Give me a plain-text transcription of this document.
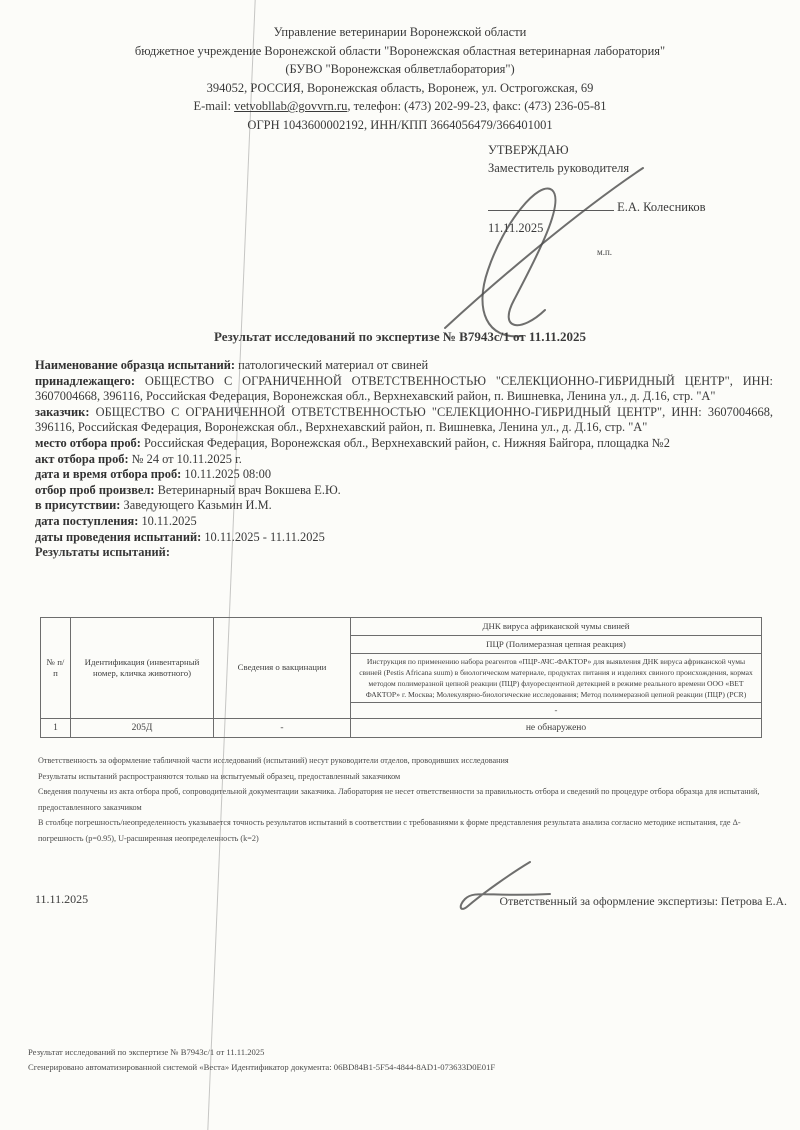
Управление ветеринарии Воронежской области
бюджетное учреждение Воронежской области "Воронежская областная ветеринарная лаборатория"
(БУВО "Воронежская облветлаборатория")
394052, РОССИЯ, Воронежская область, Воронеж, ул. Острогожская, 69
E-mail: vetvobllab@govvrn.ru, телефон: (473) 202-99-23, факс: (473) 236-05-81
ОГРН 1043600002192, ИНН/КПП 3664056479/366401001
УТВЕРЖДАЮ
Заместитель руководителя
Е.А. Колесников
11.11.2025
м.п.
Результат исследований по экспертизе № В7943с/1 от 11.11.2025
Наименование образца испытаний: патологический материал от свиней
принадлежащего: ОБЩЕСТВО С ОГРАНИЧЕННОЙ ОТВЕТСТВЕННОСТЬЮ "СЕЛЕКЦИОННО-ГИБРИДНЫЙ ЦЕНТР", ИНН: 3607004668, 396116, Российская Федерация, Воронежская обл., Верхнехавский район, п. Вишневка, Ленина ул., д. Д.16, стр. "А"
заказчик: ОБЩЕСТВО С ОГРАНИЧЕННОЙ ОТВЕТСТВЕННОСТЬЮ "СЕЛЕКЦИОННО-ГИБРИДНЫЙ ЦЕНТР", ИНН: 3607004668, 396116, Российская Федерация, Воронежская обл., Верхнехавский район, п. Вишневка, Ленина ул., д. Д.16, стр. "А"
место отбора проб: Российская Федерация, Воронежская обл., Верхнехавский район, с. Нижняя Байгора, площадка №2
акт отбора проб: № 24 от 10.11.2025 г.
дата и время отбора проб: 10.11.2025 08:00
отбор проб произвел: Ветеринарный врач Вокшева Е.Ю.
в присутствии: Заведующего Казьмин И.М.
дата поступления: 10.11.2025
даты проведения испытаний: 10.11.2025 - 11.11.2025
Результаты испытаний:
№ п/п	Идентификация (инвентарный номер, кличка животного)	Сведения о вакцинации	ДНК вируса африканской чумы свиней
			ПЦР (Полимеразная цепная реакция)
			Инструкция по применению набора реагентов «ПЦР-АЧС-ФАКТОР» для выявления ДНК вируса африканской чумы свиней (Pestis Africana suum) в биологическом материале, продуктах питания и изделиях свиного происхождения, кормах методом полимеразной цепной реакции (ПЦР) флуоресцентной детекцией в режиме реального времени ООО «ВЕТ ФАКТОР» г. Москва; Молекулярно-биологические исследования; Метод полимеразной цепной реакции (ПЦР) (PCR)
			-
1	205Д	-	не обнаружено

Ответственность за оформление табличной части исследований (испытаний) несут руководители отделов, проводивших исследования

Результаты испытаний распространяются только на испытуемый образец, предоставленный заказчиком

Сведения получены из акта отбора проб, сопроводительной документации заказчика. Лаборатория не несет ответственности за правильность отбора и сведений по процедуре отбора образца для испытаний, предоставленного заказчиком

В столбце погрешность/неопределенность указывается точность результатов испытаний в соответствии с требованиями к форме представления результата анализа согласно методике испытания, где Δ-погрешность (p=0.95), U-расширенная неопределенность (k=2)

11.11.2025	Ответственный за оформление экспертизы: Петрова Е.А.
Результат исследований по экспертизе № В7943с/1 от 11.11.2025
Сгенерировано автоматизированной системой «Веста» Идентификатор документа: 06BD84B1-5F54-4844-8AD1-073633D0E01F
